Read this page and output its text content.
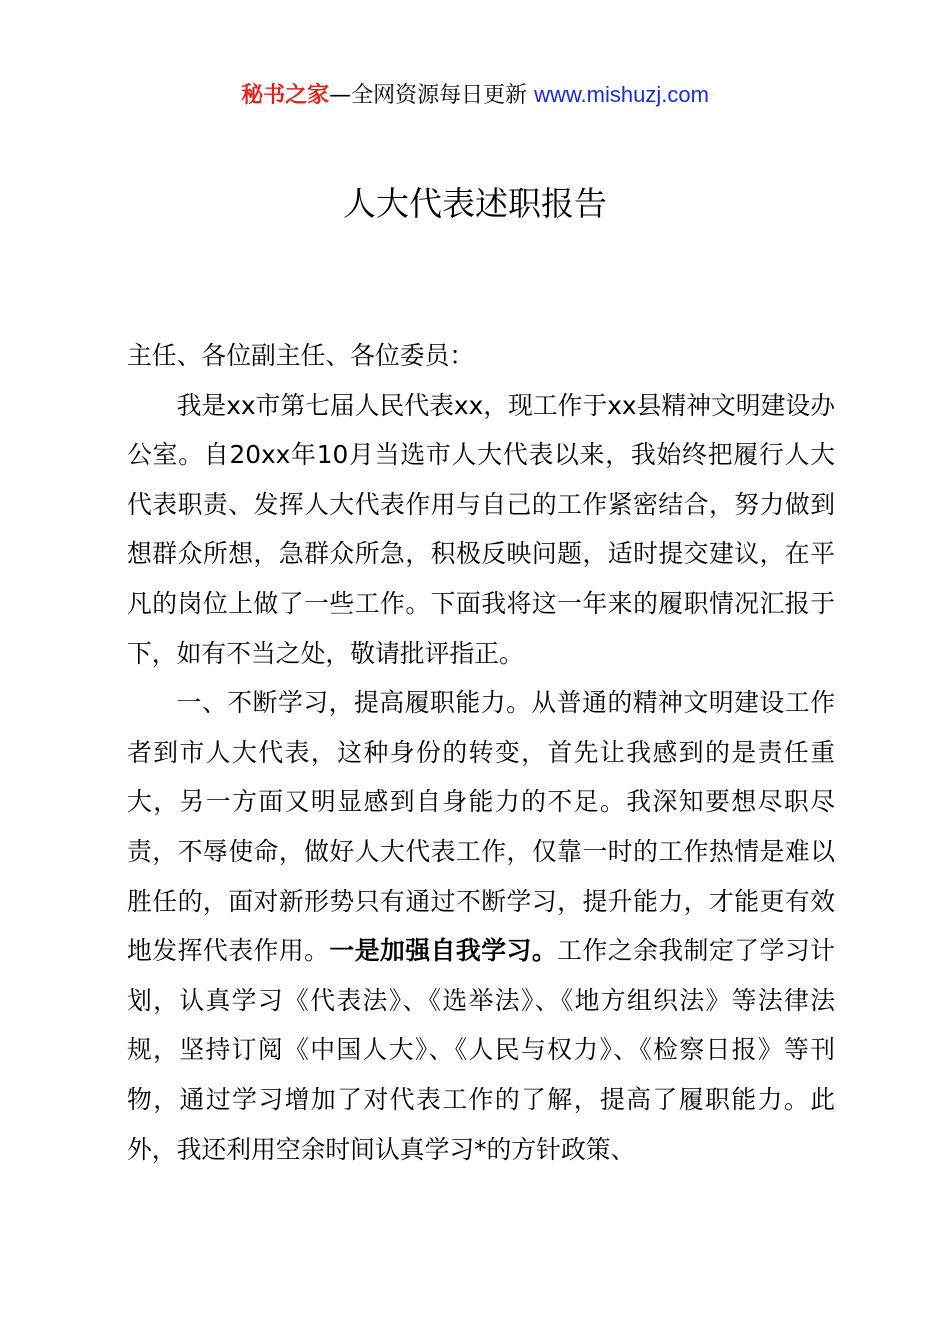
秘书之家—全网资源每日更新 www.mishuzj.com
人大代表述职报告

主任、各位副主任、各位委员：

我是xx市第七届人民代表xx，现工作于xx县精神文明建设办公室。自20xx年10月当选市人大代表以来，我始终把履行人大代表职责、发挥人大代表作用与自己的工作紧密结合，努力做到想群众所想，急群众所急，积极反映问题，适时提交建议，在平凡的岗位上做了一些工作。下面我将这一年来的履职情况汇报于下，如有不当之处，敬请批评指正。

一、不断学习，提高履职能力。从普通的精神文明建设工作者到市人大代表，这种身份的转变，首先让我感到的是责任重大，另一方面又明显感到自身能力的不足。我深知要想尽职尽责，不辱使命，做好人大代表工作，仅靠一时的工作热情是难以胜任的，面对新形势只有通过不断学习，提升能力，才能更有效地发挥代表作用。一是加强自我学习。工作之余我制定了学习计划，认真学习《代表法》、《选举法》、《地方组织法》等法律法规，坚持订阅《中国人大》、《人民与权力》、《检察日报》等刊物，通过学习增加了对代表工作的了解，提高了履职能力。此外，我还利用空余时间认真学习*的方针政策、
